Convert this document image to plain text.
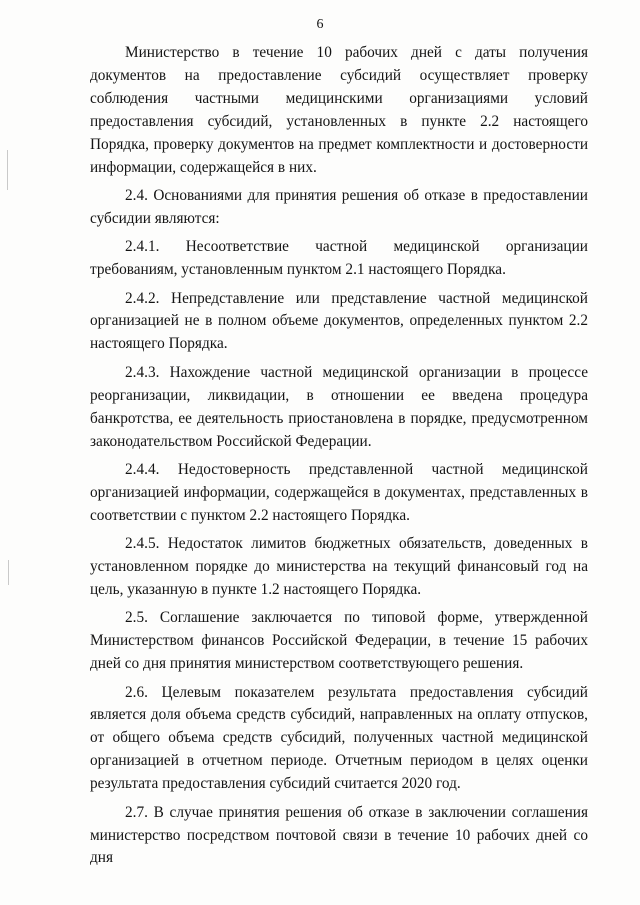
6

Министерство в течение 10 рабочих дней с даты получения документов на предоставление субсидий осуществляет проверку соблюдения частными медицинскими организациями условий предоставления субсидий, установленных в пункте 2.2 настоящего Порядка, проверку документов на предмет комплектности и достоверности информации, содержащейся в них.

2.4. Основаниями для принятия решения об отказе в предоставлении субсидии являются:

2.4.1. Несоответствие частной медицинской организации требованиям, установленным пунктом 2.1 настоящего Порядка.

2.4.2. Непредставление или представление частной медицинской организацией не в полном объеме документов, определенных пунктом 2.2 настоящего Порядка.

2.4.3. Нахождение частной медицинской организации в процессе реорганизации, ликвидации, в отношении ее введена процедура банкротства, ее деятельность приостановлена в порядке, предусмотренном законодательством Российской Федерации.

2.4.4. Недостоверность представленной частной медицинской организацией информации, содержащейся в документах, представленных в соответствии с пунктом 2.2 настоящего Порядка.

2.4.5. Недостаток лимитов бюджетных обязательств, доведенных в установленном порядке до министерства на текущий финансовый год на цель, указанную в пункте 1.2 настоящего Порядка.

2.5. Соглашение заключается по типовой форме, утвержденной Министерством финансов Российской Федерации, в течение 15 рабочих дней со дня принятия министерством соответствующего решения.

2.6. Целевым показателем результата предоставления субсидий является доля объема средств субсидий, направленных на оплату отпусков, от общего объема средств субсидий, полученных частной медицинской организацией в отчетном периоде. Отчетным периодом в целях оценки результата предоставления субсидий считается 2020 год.

2.7. В случае принятия решения об отказе в заключении соглашения министерство посредством почтовой связи в течение 10 рабочих дней со дня
